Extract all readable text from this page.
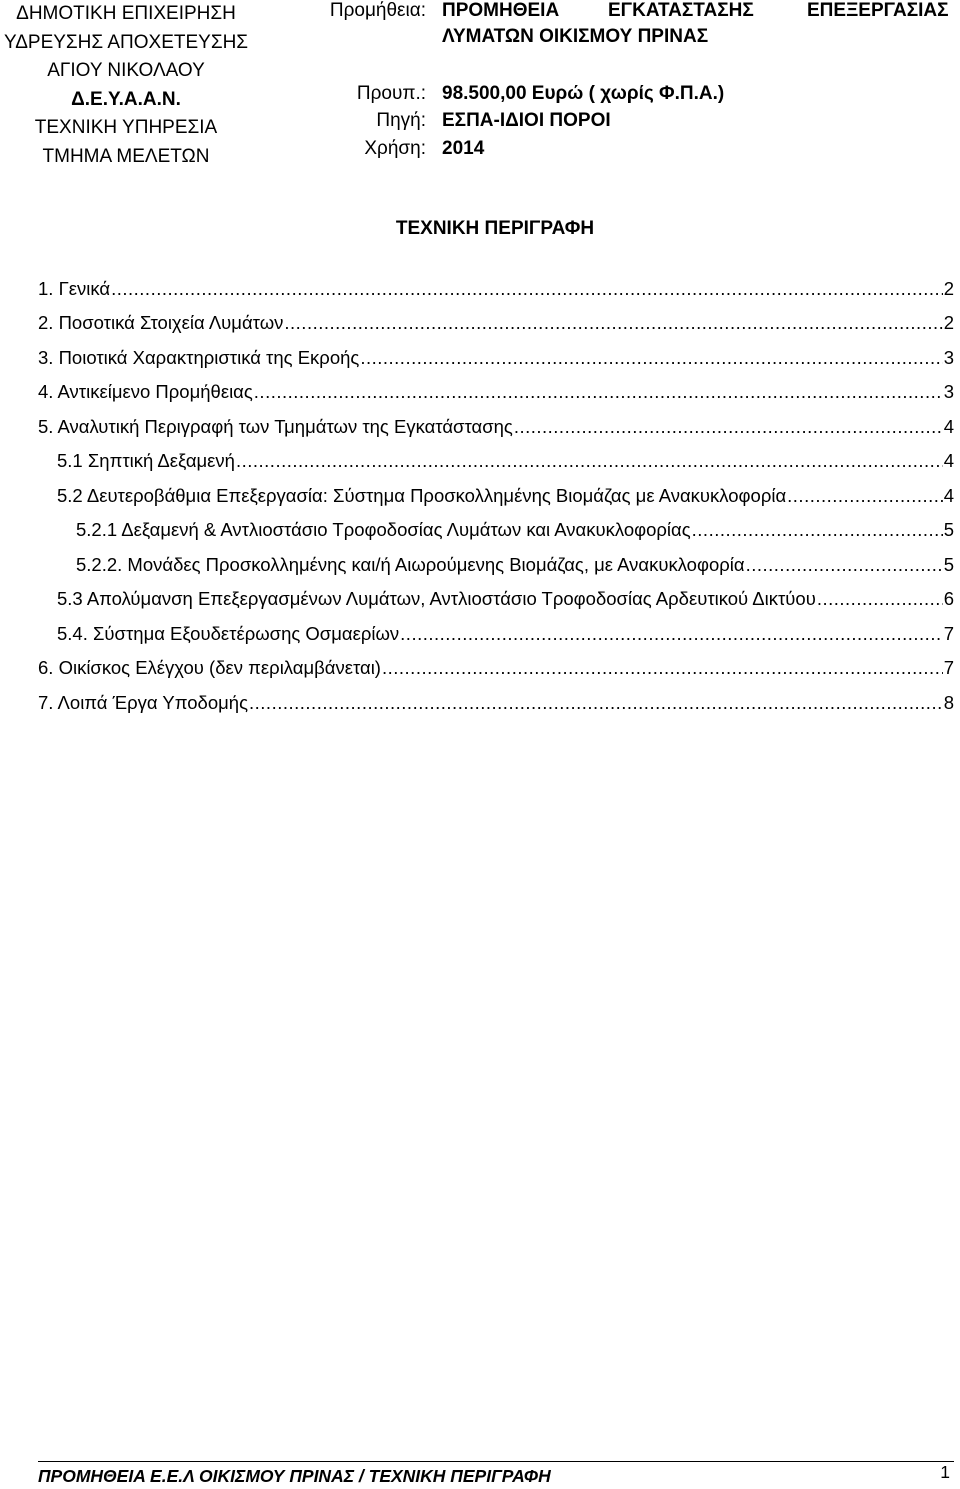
ΔΗΜΟΤΙΚΗ ΕΠΙΧΕΙΡΗΣΗ
ΥΔΡΕΥΣΗΣ ΑΠΟΧΕΤΕΥΣΗΣ
ΑΓΙΟΥ ΝΙΚΟΛΑΟΥ
Δ.Ε.Υ.Α.Α.Ν.
ΤΕΧΝΙΚΗ ΥΠΗΡΕΣΙΑ
ΤΜΗΜΑ ΜΕΛΕΤΩΝ
Προμήθεια: ΠΡΟΜΗΘΕΙΑ	ΕΓΚΑΤΑΣΤΑΣΗΣ	ΕΠΕΞΕΡΓΑΣΙΑΣ
ΛΥΜΑΤΩΝ ΟΙΚΙΣΜΟΥ ΠΡΙΝΑΣ
Προυπ.: 98.500,00 Ευρώ ( χωρίς Φ.Π.Α.)
Πηγή: ΕΣΠΑ-ΙΔΙΟΙ ΠΟΡΟΙ
Χρήση: 2014
ΤΕΧΝΙΚΗ ΠΕΡΙΓΡΑΦΗ
1. Γενικά .....	2
2. Ποσοτικά Στοιχεία Λυμάτων .....	2
3. Ποιοτικά Χαρακτηριστικά της Εκροής .....	3
4. Αντικείμενο Προμήθειας .....	3
5. Αναλυτική Περιγραφή των Τμημάτων της Εγκατάστασης .....	4
5.1 Σηπτική Δεξαμενή .....	4
5.2 Δευτεροβάθμια Επεξεργασία: Σύστημα Προσκολλημένης Βιομάζας με Ανακυκλοφορία .....	4
5.2.1 Δεξαμενή & Αντλιοστάσιο Τροφοδοσίας Λυμάτων και Ανακυκλοφορίας .....	5
5.2.2. Μονάδες Προσκολλημένης και/ή Αιωρούμενης Βιομάζας, με Ανακυκλοφορία .....	5
5.3 Απολύμανση Επεξεργασμένων Λυμάτων, Αντλιοστάσιο Τροφοδοσίας Αρδευτικού Δικτύου .....	6
5.4. Σύστημα Εξουδετέρωσης Οσμαερίων .....	7
6. Οικίσκος Ελέγχου (δεν περιλαμβάνεται) .....	7
7. Λοιπά Έργα Υποδομής .....	8
ΠΡΟΜΗΘΕΙΑ Ε.Ε.Λ ΟΙΚΙΣΜΟΥ ΠΡΙΝΑΣ / ΤΕΧΝΙΚΗ ΠΕΡΙΓΡΑΦΗ	1
